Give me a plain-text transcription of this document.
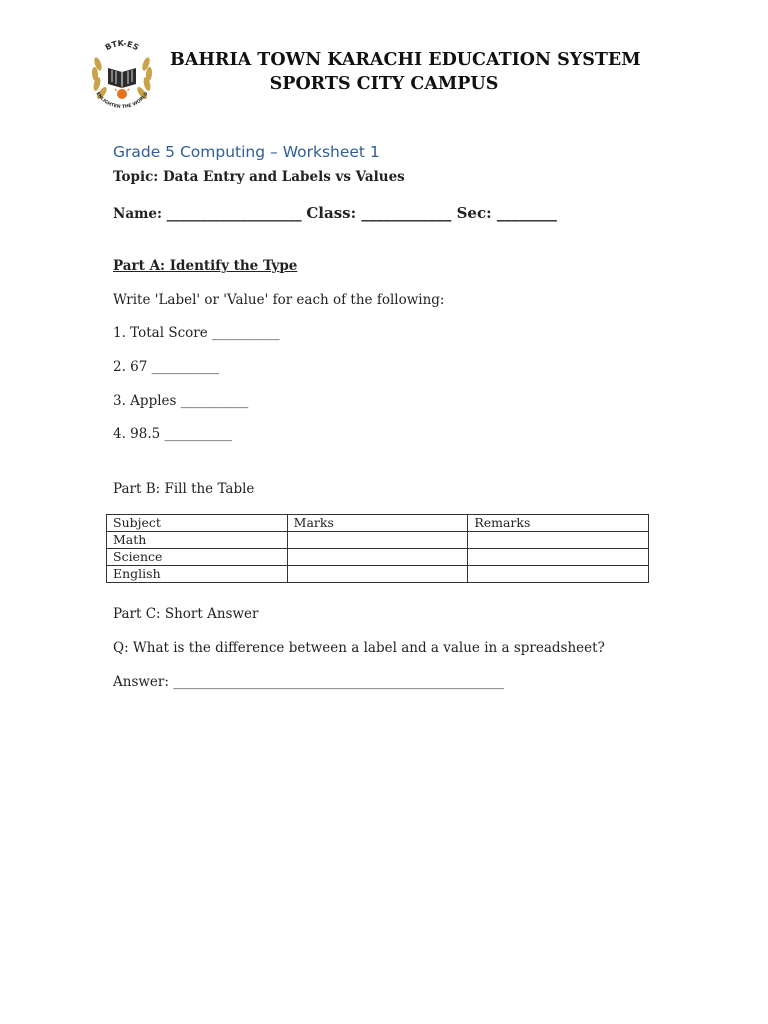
BTK-ES
ENLIGHTEN THE WORLD
BAHRIA TOWN KARACHI EDUCATION SYSTEM
SPORTS CITY CAMPUS
Grade 5 Computing – Worksheet 1
Topic: Data Entry and Labels vs Values
Name: ____________________ Class: ____________ Sec: ________
Part A: Identify the Type
Write 'Label' or 'Value' for each of the following:
1. Total Score __________
2. 67 __________
3. Apples __________
4. 98.5 __________
Part B: Fill the Table
Subject	Marks	Remarks
Math		
Science		
English		
Part C: Short Answer
Q: What is the difference between a label and a value in a spreadsheet?
Answer: _________________________________________________
